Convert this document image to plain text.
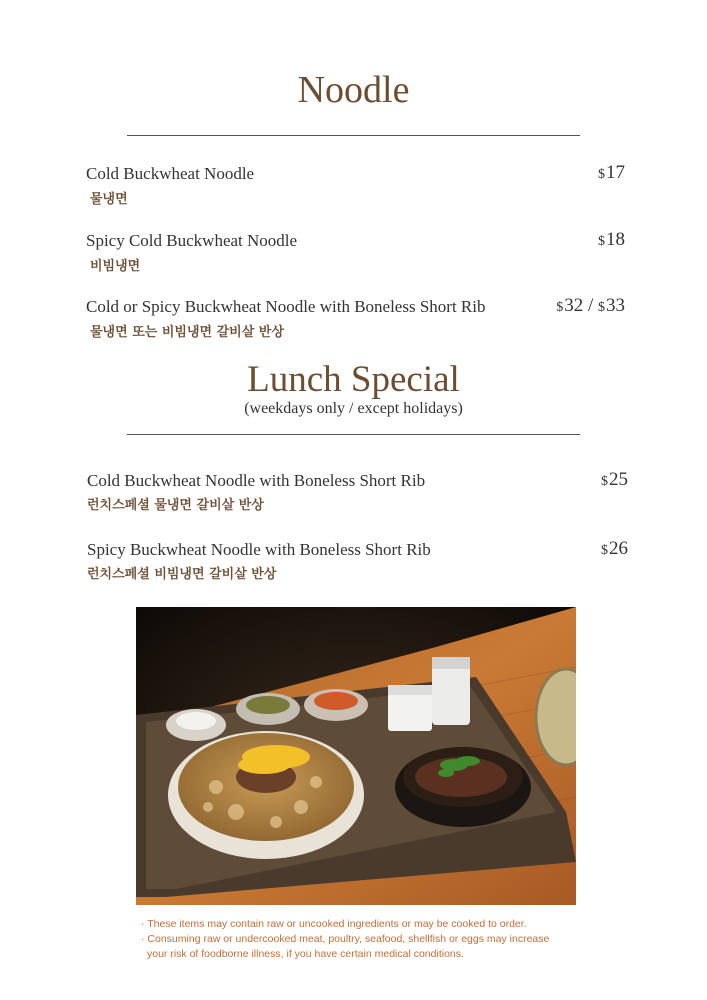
Noodle
Cold Buckwheat Noodle
물냉면
$17
Spicy Cold Buckwheat Noodle
비빔냉면
$18
Cold or Spicy Buckwheat Noodle with Boneless Short Rib
물냉면 또는 비빔냉면 갈비살 반상
$32 / $33
Lunch Special
(weekdays only / except holidays)
Cold Buckwheat Noodle with Boneless Short Rib
런치스페셜 물냉면 갈비살 반상
$25
Spicy Buckwheat Noodle with Boneless Short Rib
런치스페셜 비빔냉면 갈비살 반상
$26
· These items may contain raw or uncooked ingredients or may be cooked to order.
· Consuming raw or undercooked meat, poultry, seafood, shellfish or eggs may increase
your risk of foodborne illness, if you have certain medical conditions.
